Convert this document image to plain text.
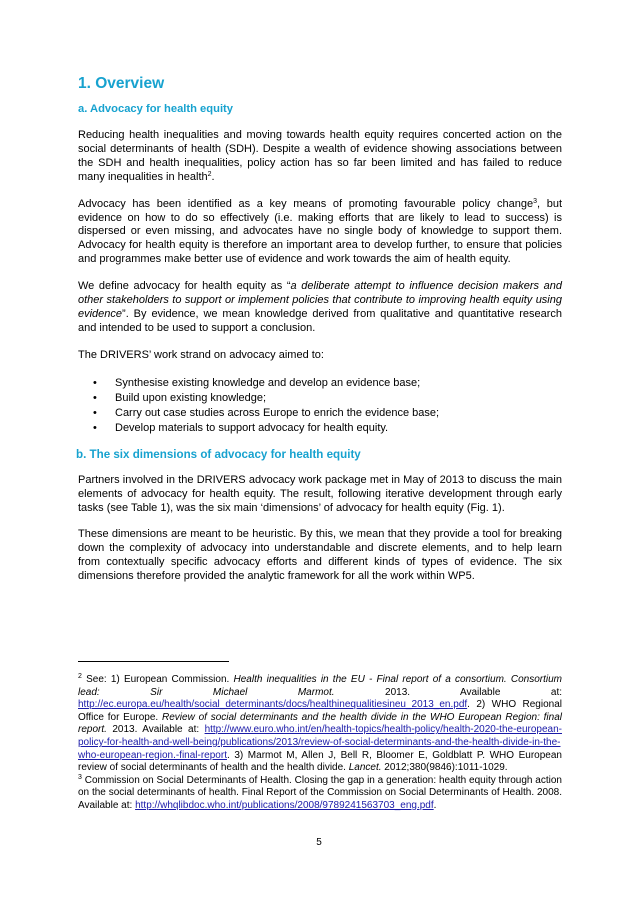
1. Overview
a. Advocacy for health equity

Reducing health inequalities and moving towards health equity requires concerted action on the social determinants of health (SDH). Despite a wealth of evidence showing associations between the SDH and health inequalities, policy action has so far been limited and has failed to reduce many inequalities in health$^2$.

Advocacy has been identified as a key means of promoting favourable policy change$^3$, but evidence on how to do so effectively (i.e. making efforts that are likely to lead to success) is dispersed or even missing, and advocates have no single body of knowledge to support them. Advocacy for health equity is therefore an important area to develop further, to ensure that policies and programmes make better use of evidence and work towards the aim of health equity.

We define advocacy for health equity as “a deliberate attempt to influence decision makers and other stakeholders to support or implement policies that contribute to improving health equity using evidence”. By evidence, we mean knowledge derived from qualitative and quantitative research and intended to be used to support a conclusion.

The DRIVERS’ work strand on advocacy aimed to:

• Synthesise existing knowledge and develop an evidence base;
• Build upon existing knowledge;
• Carry out case studies across Europe to enrich the evidence base;
• Develop materials to support advocacy for health equity.
b. The six dimensions of advocacy for health equity

Partners involved in the DRIVERS advocacy work package met in May of 2013 to discuss the main elements of advocacy for health equity. The result, following iterative development through early tasks (see Table 1), was the six main ‘dimensions’ of advocacy for health equity (Fig. 1).

These dimensions are meant to be heuristic. By this, we mean that they provide a tool for breaking down the complexity of advocacy into understandable and discrete elements, and to help learn from contextually specific advocacy efforts and different kinds of types of evidence. The six dimensions therefore provided the analytic framework for all the work within WP5.

$^2$ See: 1) European Commission. Health inequalities in the EU - Final report of a consortium. Consortium lead: Sir Michael Marmot. 2013. Available at: http://ec.europa.eu/health/social_determinants/docs/healthinequalitiesineu_2013_en.pdf. 2) WHO Regional Office for Europe. Review of social determinants and the health divide in the WHO European Region: final report. 2013. Available at: http://www.euro.who.int/en/health-topics/health-policy/health-2020-the-european-policy-for-health-and-well-being/publications/2013/review-of-social-determinants-and-the-health-divide-in-the-who-european-region.-final-report. 3) Marmot M, Allen J, Bell R, Bloomer E, Goldblatt P. WHO European review of social determinants of health and the health divide. Lancet. 2012;380(9846):1011-1029.

$^3$ Commission on Social Determinants of Health. Closing the gap in a generation: health equity through action on the social determinants of health. Final Report of the Commission on Social Determinants of Health. 2008. Available at: http://whqlibdoc.who.int/publications/2008/9789241563703_eng.pdf.

5
